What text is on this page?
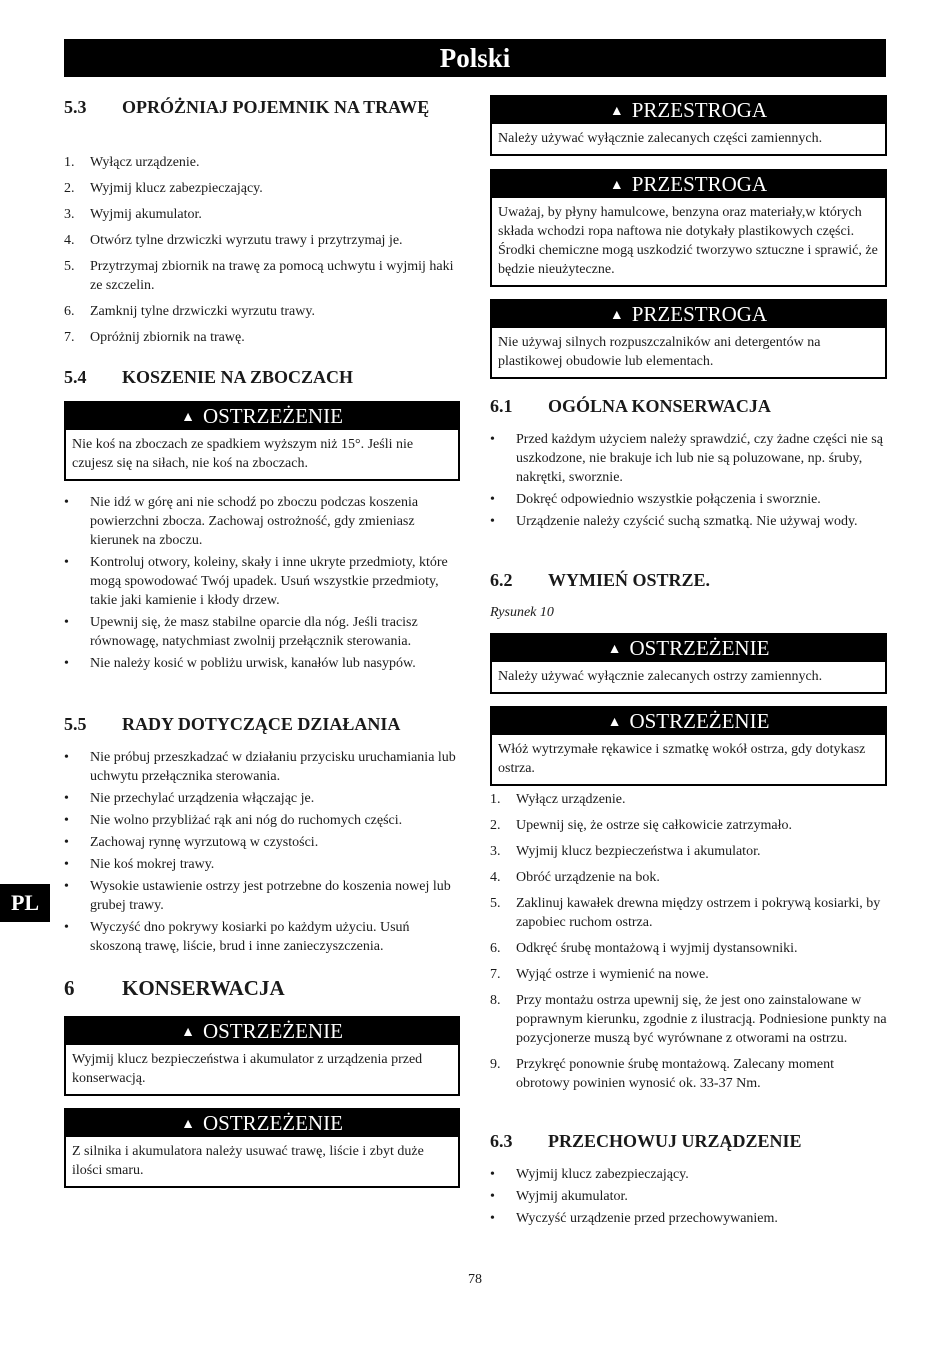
Polski
PL
5.3	OPRÓŻNIAJ POJEMNIK NA TRAWĘ
1. Wyłącz urządzenie.
2. Wyjmij klucz zabezpieczający.
3. Wyjmij akumulator.
4. Otwórz tylne drzwiczki wyrzutu trawy i przytrzymaj je.
5. Przytrzymaj zbiornik na trawę za pomocą uchwytu i wyjmij haki ze szczelin.
6. Zamknij tylne drzwiczki wyrzutu trawy.
7. Opróżnij zbiornik na trawę.
5.4	KOSZENIE NA ZBOCZACH
▲ OSTRZEŻENIE
Nie koś na zboczach ze spadkiem wyższym niż 15°. Jeśli nie czujesz się na siłach, nie koś na zboczach.
• Nie idź w górę ani nie schodź po zboczu podczas koszenia powierzchni zbocza. Zachowaj ostrożność, gdy zmieniasz kierunek na zboczu.
• Kontroluj otwory, koleiny, skały i inne ukryte przedmioty, które mogą spowodować Twój upadek. Usuń wszystkie przedmioty, takie jaki kamienie i kłody drzew.
• Upewnij się, że masz stabilne oparcie dla nóg. Jeśli tracisz równowagę, natychmiast zwolnij przełącznik sterowania.
• Nie należy kosić w pobliżu urwisk, kanałów lub nasypów.
5.5	RADY DOTYCZĄCE DZIAŁANIA
• Nie próbuj przeszkadzać w działaniu przycisku uruchamiania lub uchwytu przełącznika sterowania.
• Nie przechylać urządzenia włączając je.
• Nie wolno przybliżać rąk ani nóg do ruchomych części.
• Zachowaj rynnę wyrzutową w czystości.
• Nie koś mokrej trawy.
• Wysokie ustawienie ostrzy jest potrzebne do koszenia nowej lub grubej trawy.
• Wyczyść dno pokrywy kosiarki po każdym użyciu. Usuń skoszoną trawę, liście, brud i inne zanieczyszczenia.
6	KONSERWACJA
▲ OSTRZEŻENIE
Wyjmij klucz bezpieczeństwa i akumulator z urządzenia przed konserwacją.
▲ OSTRZEŻENIE
Z silnika i akumulatora należy usuwać trawę, liście i zbyt duże ilości smaru.
▲ PRZESTROGA
Należy używać wyłącznie zalecanych części zamiennych.
▲ PRZESTROGA
Uważaj, by płyny hamulcowe, benzyna oraz materiały,w których składa wchodzi ropa naftowa nie dotykały plastikowych części. Środki chemiczne mogą uszkodzić tworzywo sztuczne i sprawić, że będzie nieużyteczne.
▲ PRZESTROGA
Nie używaj silnych rozpuszczalników ani detergentów na plastikowej obudowie lub elementach.
6.1	OGÓLNA KONSERWACJA
• Przed każdym użyciem należy sprawdzić, czy żadne części nie są uszkodzone, nie brakuje ich lub nie są poluzowane, np. śruby, nakrętki, sworznie.
• Dokręć odpowiednio wszystkie połączenia i sworznie.
• Urządzenie należy czyścić suchą szmatką. Nie używaj wody.
6.2	WYMIEŃ OSTRZE.
Rysunek 10
▲ OSTRZEŻENIE
Należy używać wyłącznie zalecanych ostrzy zamiennych.
▲ OSTRZEŻENIE
Włóż wytrzymałe rękawice i szmatkę wokół ostrza, gdy dotykasz ostrza.
1. Wyłącz urządzenie.
2. Upewnij się, że ostrze się całkowicie zatrzymało.
3. Wyjmij klucz bezpieczeństwa i akumulator.
4. Obróć urządzenie na bok.
5. Zaklinuj kawałek drewna między ostrzem i pokrywą kosiarki, by zapobiec ruchom ostrza.
6. Odkręć śrubę montażową i wyjmij dystansowniki.
7. Wyjąć ostrze i wymienić na nowe.
8. Przy montażu ostrza upewnij się, że jest ono zainstalowane w poprawnym kierunku, zgodnie z ilustracją. Podniesione punkty na pozycjonerze muszą być wyrównane z otworami na ostrzu.
9. Przykręć ponownie śrubę montażową. Zalecany moment obrotowy powinien wynosić ok. 33-37 Nm.
6.3	PRZECHOWUJ URZĄDZENIE
• Wyjmij klucz zabezpieczający.
• Wyjmij akumulator.
• Wyczyść urządzenie przed przechowywaniem.
78
